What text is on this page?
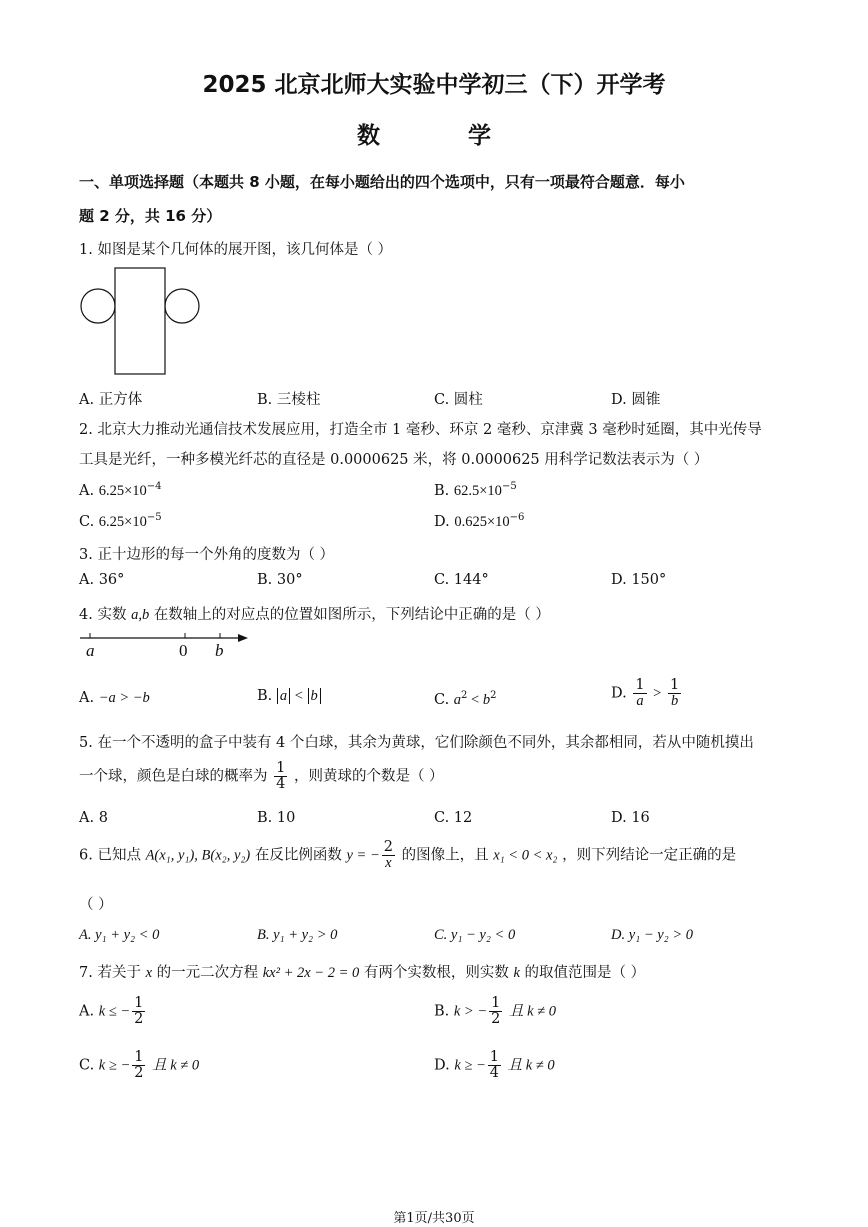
2025 北京北师大实验中学初三（下）开学考
数 学
一、单项选择题（本题共 8 小题，在每小题给出的四个选项中，只有一项最符合题意．每小
题 2 分，共 16 分）
1. 如图是某个几何体的展开图，该几何体是（ ）
A. 正方体	B. 三棱柱	C. 圆柱	D. 圆锥
2. 北京大力推动光通信技术发展应用，打造全市 1 毫秒、环京 2 毫秒、京津冀 3 毫秒时延圈，其中光传导
工具是光纤，一种多模光纤芯的直径是 0.0000625 米，将 0.0000625 用科学记数法表示为（ ）
A. $6.25\times 10^{-4}$	B. $62.5\times 10^{-5}$
C. $6.25\times 10^{-5}$	D. $0.625\times 10^{-6}$
3. 正十边形的每一个外角的度数为（ ）
A. 36°	B. 30°	C. 144°	D. 150°
4. 实数 a,b 在数轴上的对应点的位置如图所示，下列结论中正确的是（ ）
a	0 b
A. −a > −b	B. a < b	C. $a^2 < b^2$	D. $\frac{1}{a} > \frac{1}{b}$
5. 在一个不透明的盒子中装有 4 个白球，其余为黄球，它们除颜色不同外，其余都相同，若从中随机摸出
一个球，颜色是白球的概率为 $\frac{1}{4}$ ，则黄球的个数是（ ）
A. 8	B. 10	C. 12	D. 16
6. 已知点 A(x₁, y₁), B(x₂, y₂) 在反比例函数 y = − $\frac{2}{x}$ 的图像上，且 x₁ < 0 < x₂ ，则下列结论一定正确的是
（ ）
A. y₁ + y₂ < 0	B. y₁ + y₂ > 0	C. y₁ − y₂ < 0	D. y₁ − y₂ > 0
7. 若关于 x 的一元二次方程 kx² + 2x − 2 = 0 有两个实数根，则实数 k 的取值范围是（ ）
A. k ≤ − $\frac{1}{2}$	B. k > − $\frac{1}{2}$ 且 k ≠ 0
C. k ≥ − $\frac{1}{2}$ 且 k ≠ 0	D. k ≥ − $\frac{1}{4}$ 且 k ≠ 0
第1页/共30页
